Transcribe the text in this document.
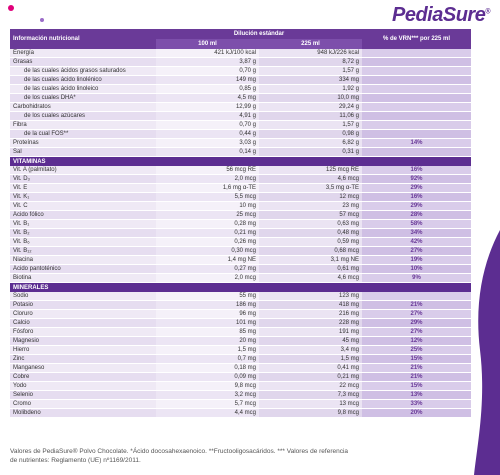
PediaSure®
Información nutricional	Dilución estándar		% de VRN*** por 225 ml
	100 ml	225 ml	
Energía	421 kJ/100 kcal	948 kJ/226 kcal	
Grasas	3,87 g	8,72 g	
de las cuales ácidos grasos saturados	0,70 g	1,57 g	
de las cuales ácido linolénico	149 mg	334 mg	
de las cuales ácido linoleico	0,85 g	1,92 g	
de los cuales DHA*	4,5 mg	10,0 mg	
Carbohidratos	12,99 g	29,24 g	
de los cuales azúcares	4,91 g	11,06 g	
Fibra	0,70 g	1,57 g	
de la cual FOS**	0,44 g	0,98 g	
Proteínas	3,03 g	6,82 g	14%
Sal	0,14 g	0,31 g	
VITAMINAS			
Vit. A (palmitato)	56 mcg RE	125 mcg RE	16%
Vit. D₃	2,0 mcg	4,6 mcg	92%
Vit. E	1,6 mg α-TE	3,5 mg α-TE	29%
Vit. K₁	5,5 mcg	12 mcg	16%
Vit. C	10 mg	23 mg	29%
Ácido fólico	25 mcg	57 mcg	28%
Vit. B₁	0,28 mg	0,63 mg	58%
Vit. B₂	0,21 mg	0,48 mg	34%
Vit. B₆	0,26 mg	0,59 mg	42%
Vit. B₁₂	0,30 mcg	0,68 mcg	27%
Niacina	1,4 mg NE	3,1 mg NE	19%
Ácido pantoténico	0,27 mg	0,61 mg	10%
Biotina	2,0 mcg	4,6 mcg	9%
MINERALES			
Sodio	55 mg	123 mg	
Potasio	186 mg	418 mg	21%
Cloruro	96 mg	216 mg	27%
Calcio	101 mg	228 mg	29%
Fósforo	85 mg	191 mg	27%
Magnesio	20 mg	45 mg	12%
Hierro	1,5 mg	3,4 mg	25%
Zinc	0,7 mg	1,5 mg	15%
Manganeso	0,18 mg	0,41 mg	21%
Cobre	0,09 mg	0,21 mg	21%
Yodo	9,8 mcg	22 mcg	15%
Selenio	3,2 mcg	7,3 mcg	13%
Cromo	5,7 mcg	13 mcg	33%
Molibdeno	4,4 mcg	9,8 mcg	20%
Valores de PediaSure® Polvo Chocolate. *Ácido docosahexaenoico. **Fructooligosacáridos. *** Valores de referencia
de nutrientes: Reglamento (UE) nº1169/2011.
